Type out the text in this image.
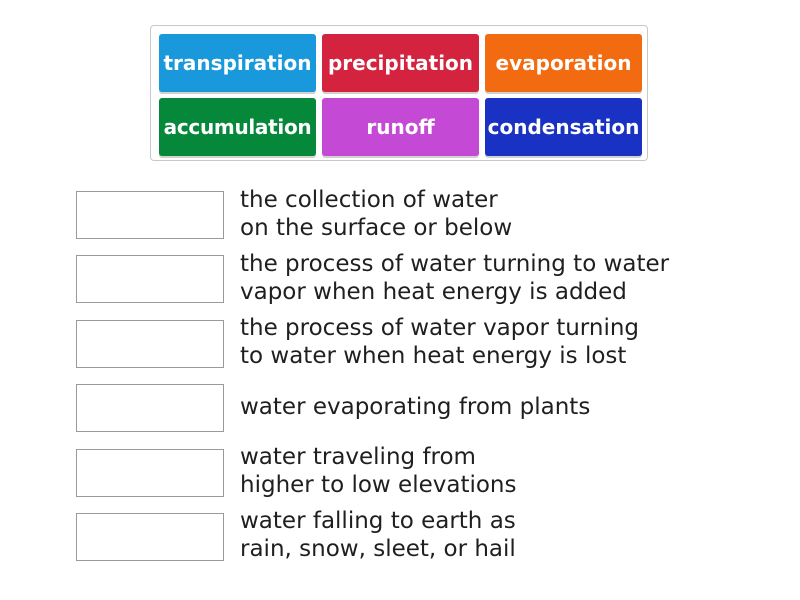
transpiration precipitation	evaporation
accumulation	runoff	condensation
the collection of water
on the surface or below
the process of water turning to water
vapor when heat energy is added
the process of water vapor turning
to water when heat energy is lost
water evaporating from plants
water traveling from
higher to low elevations
water falling to earth as
rain, snow, sleet, or hail
